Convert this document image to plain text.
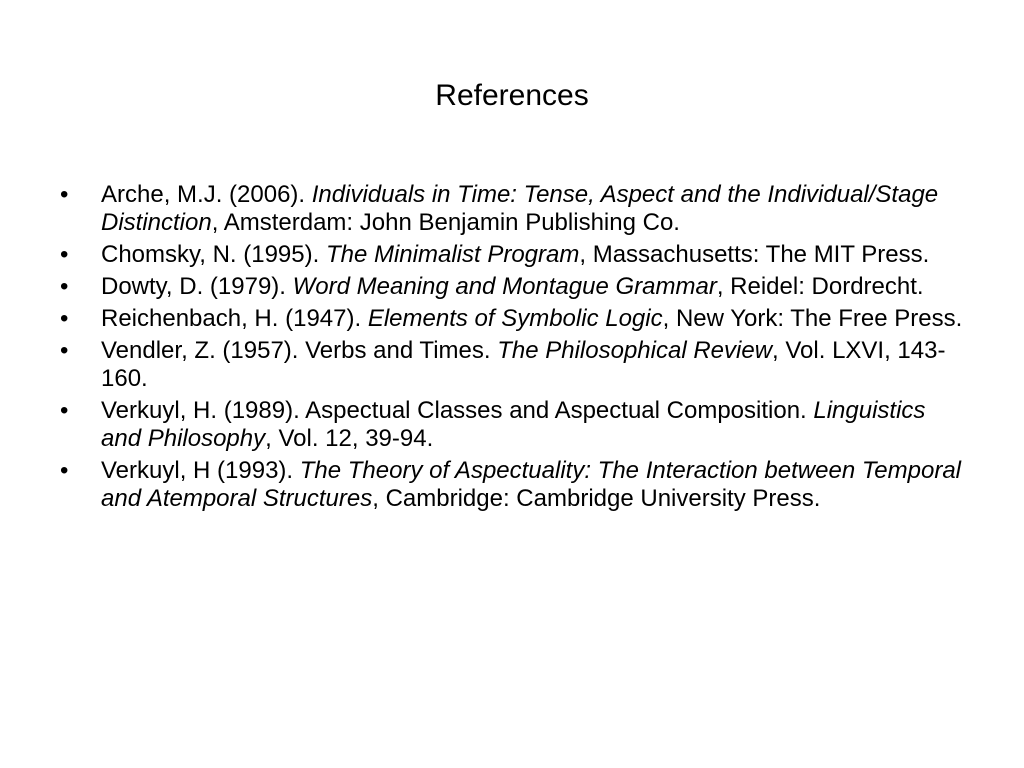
References
•	Arche, M.J. (2006). Individuals in Time: Tense, Aspect and the Individual/Stage Distinction, Amsterdam: John Benjamin Publishing Co.
•	Chomsky, N. (1995). The Minimalist Program, Massachusetts: The MIT Press.
•	Dowty, D. (1979). Word Meaning and Montague Grammar, Reidel: Dordrecht.
•	Reichenbach, H. (1947). Elements of Symbolic Logic, New York: The Free Press.
•	Vendler, Z. (1957). Verbs and Times. The Philosophical Review, Vol. LXVI, 143-160.
•	Verkuyl, H. (1989). Aspectual Classes and Aspectual Composition. Linguistics and Philosophy, Vol. 12, 39-94.
•	Verkuyl, H (1993). The Theory of Aspectuality: The Interaction between Temporal and Atemporal Structures, Cambridge: Cambridge University Press.
